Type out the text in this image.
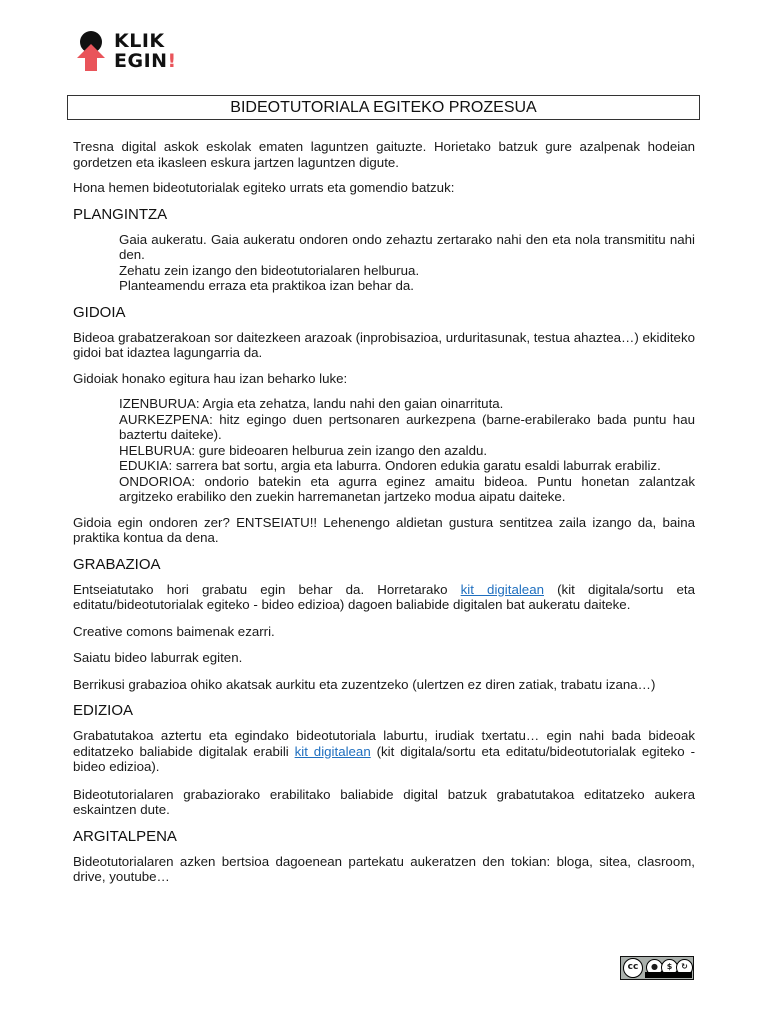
KLIK
EGIN!
BIDEOTUTORIALA EGITEKO PROZESUA

Tresna digital askok eskolak ematen laguntzen gaituzte. Horietako batzuk gure azalpenak hodeian gordetzen eta ikasleen eskura jartzen laguntzen digute.

Hona hemen bideotutorialak egiteko urrats eta gomendio batzuk:

PLANGINTZA
Gaia aukeratu. Gaia aukeratu ondoren ondo zehaztu zertarako nahi den eta nola transmititu nahi den.
Zehatu zein izango den bideotutorialaren helburua.
Planteamendu erraza eta praktikoa izan behar da.
GIDOIA

Bideoa grabatzerakoan sor daitezkeen arazoak (inprobisazioa, urduritasunak, testua ahaztea…) ekiditeko gidoi bat idaztea lagungarria da.

Gidoiak honako egitura hau izan beharko luke:

IZENBURUA: Argia eta zehatza, landu nahi den gaian oinarrituta.
AURKEZPENA: hitz egingo duen pertsonaren aurkezpena (barne-erabilerako bada puntu hau baztertu daiteke).
HELBURUA: gure bideoaren helburua zein izango den azaldu.
EDUKIA: sarrera bat sortu, argia eta laburra. Ondoren edukia garatu esaldi laburrak erabiliz.
ONDORIOA: ondorio batekin eta agurra eginez amaitu bideoa. Puntu honetan zalantzak argitzeko erabiliko den zuekin harremanetan jartzeko modua aipatu daiteke.

Gidoia egin ondoren zer? ENTSEIATU!! Lehenengo aldietan gustura sentitzea zaila izango da, baina praktika kontua da dena.

GRABAZIOA

Entseiatutako hori grabatu egin behar da. Horretarako kit digitalean (kit digitala/sortu eta editatu/bideotutorialak egiteko - bideo edizioa) dagoen baliabide digitalen bat aukeratu daiteke.

Creative comons baimenak ezarri.

Saiatu bideo laburrak egiten.

Berrikusi grabazioa ohiko akatsak aurkitu eta zuzentzeko (ulertzen ez diren zatiak, trabatu izana…)

EDIZIOA

Grabatutakoa aztertu eta egindako bideotutoriala laburtu, irudiak txertatu… egin nahi bada bideoak editatzeko baliabide digitalak erabili kit digitalean (kit digitala/sortu eta editatu/bideotutorialak egiteko - bideo edizioa).

Bideotutorialaren grabaziorako erabilitako baliabide digital batzuk grabatutakoa editatzeko aukera eskaintzen dute.

ARGITALPENA

Bideotutorialaren azken bertsioa dagoenean partekatu aukeratzen den tokian: bloga, sitea, clasroom, drive, youtube…

cc	●	$	↻
